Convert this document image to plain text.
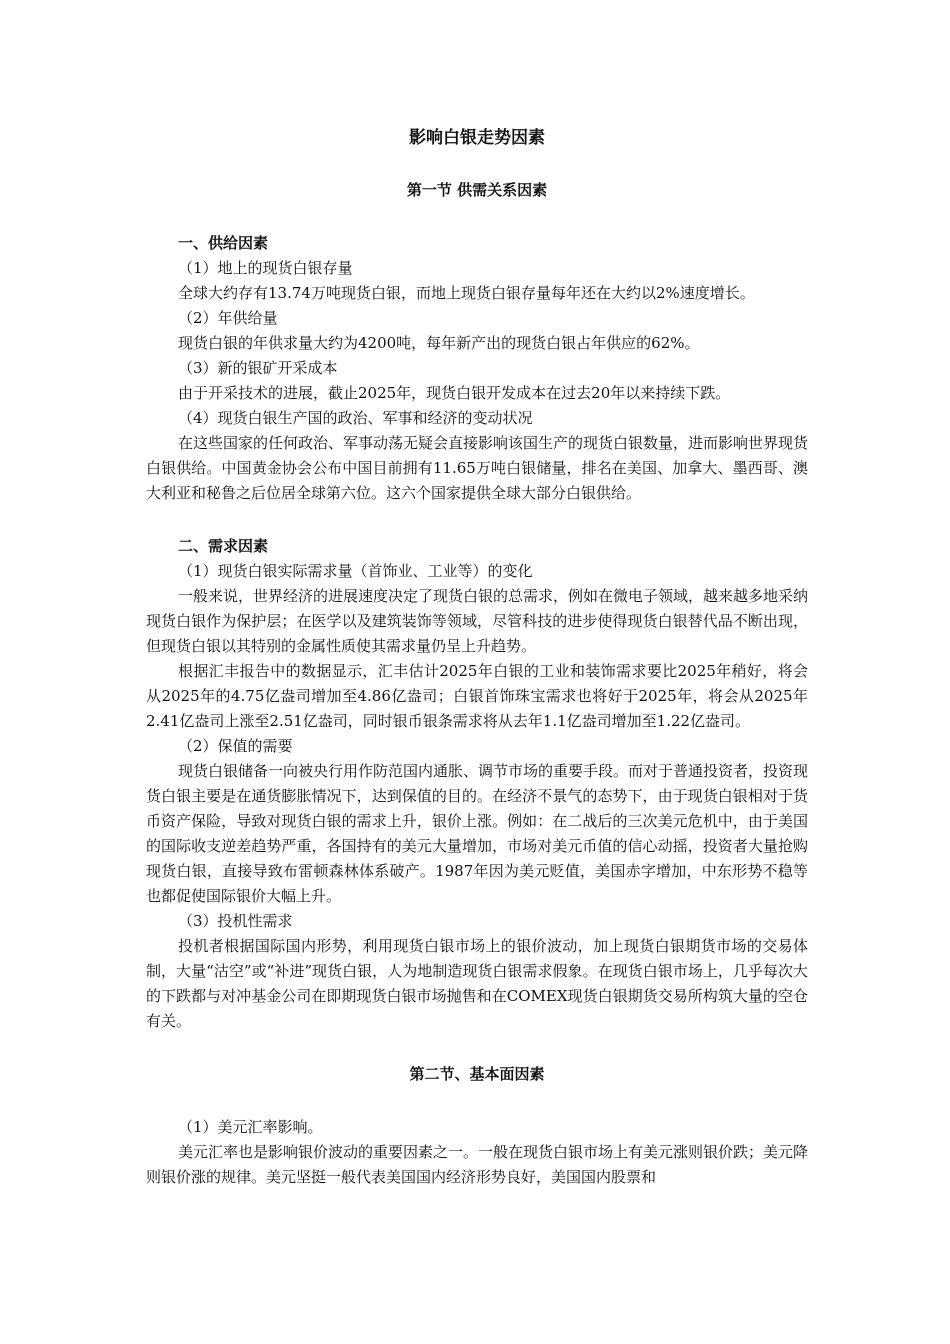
影响白银走势因素
第一节 供需关系因素
一、供给因素

（1）地上的现货白银存量

全球大约存有13.74万吨现货白银，而地上现货白银存量每年还在大约以2%速度增长。

（2）年供给量

现货白银的年供求量大约为4200吨，每年新产出的现货白银占年供应的62%。

（3）新的银矿开采成本

由于开采技术的进展，截止2025年，现货白银开发成本在过去20年以来持续下跌。

（4）现货白银生产国的政治、军事和经济的变动状况

在这些国家的任何政治、军事动荡无疑会直接影响该国生产的现货白银数量，进而影响世界现货白银供给。中国黄金协会公布中国目前拥有11.65万吨白银储量，排名在美国、加拿大、墨西哥、澳大利亚和秘鲁之后位居全球第六位。这六个国家提供全球大部分白银供给。

二、需求因素

（1）现货白银实际需求量（首饰业、工业等）的变化

一般来说，世界经济的进展速度决定了现货白银的总需求，例如在微电子领域，越来越多地采纳现货白银作为保护层；在医学以及建筑装饰等领域，尽管科技的进步使得现货白银替代品不断出现，但现货白银以其特别的金属性质使其需求量仍呈上升趋势。

根据汇丰报告中的数据显示，汇丰估计2025年白银的工业和装饰需求要比2025年稍好，将会从2025年的4.75亿盎司增加至4.86亿盎司；白银首饰珠宝需求也将好于2025年，将会从2025年2.41亿盎司上涨至2.51亿盎司，同时银币银条需求将从去年1.1亿盎司增加至1.22亿盎司。

（2）保值的需要

现货白银储备一向被央行用作防范国内通胀、调节市场的重要手段。而对于普通投资者，投资现货白银主要是在通货膨胀情况下，达到保值的目的。在经济不景气的态势下，由于现货白银相对于货币资产保险，导致对现货白银的需求上升，银价上涨。例如：在二战后的三次美元危机中，由于美国的国际收支逆差趋势严重，各国持有的美元大量增加，市场对美元币值的信心动摇，投资者大量抢购现货白银，直接导致布雷顿森林体系破产。1987年因为美元贬值，美国赤字增加，中东形势不稳等也都促使国际银价大幅上升。

（3）投机性需求

投机者根据国际国内形势，利用现货白银市场上的银价波动，加上现货白银期货市场的交易体制，大量“沽空”或“补进”现货白银，人为地制造现货白银需求假象。在现货白银市场上，几乎每次大的下跌都与对冲基金公司在即期现货白银市场抛售和在COMEX现货白银期货交易所构筑大量的空仓有关。

第二节、基本面因素

（1）美元汇率影响。

美元汇率也是影响银价波动的重要因素之一。一般在现货白银市场上有美元涨则银价跌；美元降则银价涨的规律。美元坚挺一般代表美国国内经济形势良好，美国国内股票和
